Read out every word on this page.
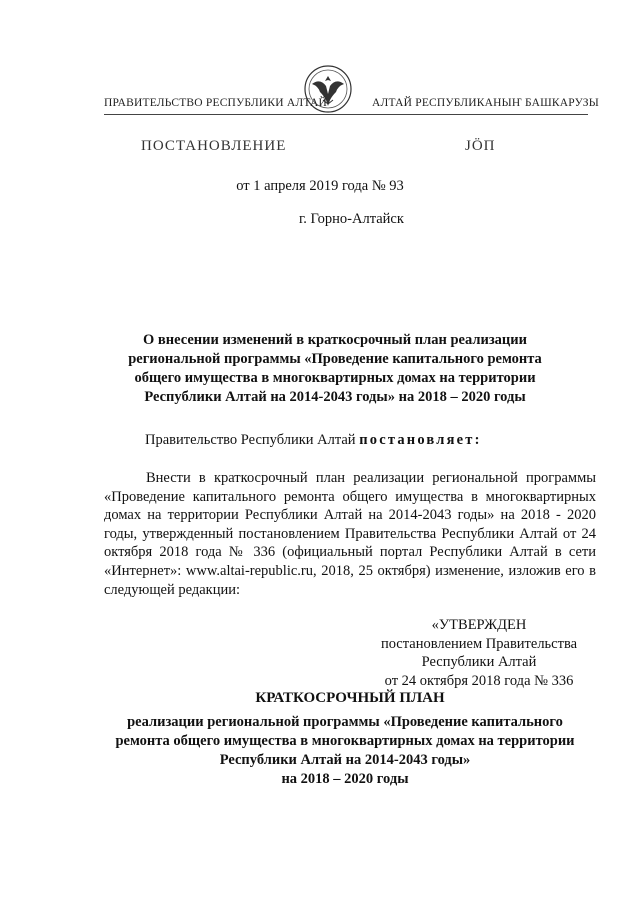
ПРАВИТЕЛЬСТВО РЕСПУБЛИКИ АЛТАЙ	АЛТАЙ РЕСПУБЛИКАНЫҤ БАШКАРУЗЫ
ПОСТАНОВЛЕНИЕ	JÖП
от 1 апреля 2019 года № 93
г. Горно-Алтайск
О внесении изменений в краткосрочный план реализации
региональной программы «Проведение капитального ремонта
общего имущества в многоквартирных домах на территории
Республики Алтай на 2014-2043 годы» на 2018 – 2020 годы
Правительство Республики Алтай постановляет:
Внести в краткосрочный план реализации региональной программы «Проведение капитального ремонта общего имущества в многоквартирных домах на территории Республики Алтай на 2014-2043 годы» на 2018 - 2020 годы, утвержденный постановлением Правительства Республики Алтай от 24 октября 2018 года № 336 (официальный портал Республики Алтай в сети «Интернет»: www.altai-republic.ru, 2018, 25 октября) изменение, изложив его в следующей редакции:
«УТВЕРЖДЕН
постановлением Правительства
Республики Алтай
от 24 октября 2018 года № 336
КРАТКОСРОЧНЫЙ ПЛАН
реализации региональной программы «Проведение капитального
ремонта общего имущества в многоквартирных домах на территории
Республики Алтай на 2014-2043 годы»
на 2018 – 2020 годы
